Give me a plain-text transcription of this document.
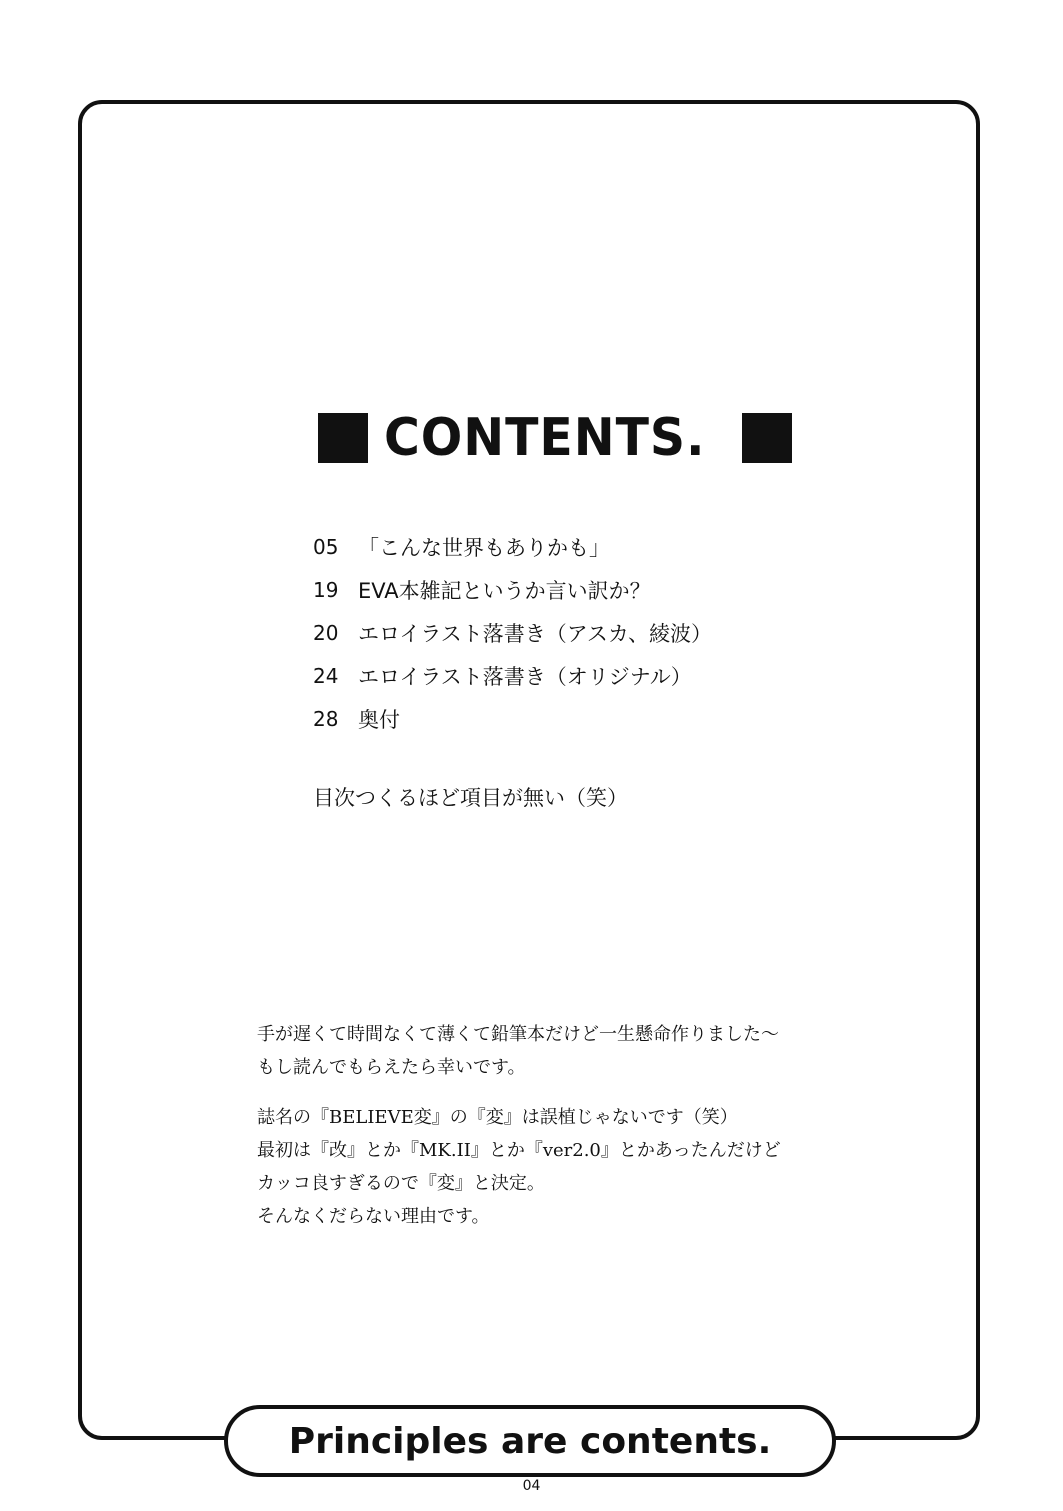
CONTENTS.
05 「こんな世界もありかも」
19 EVA本雑記というか言い訳か？
20 エロイラスト落書き（アスカ、綾波）
24 エロイラスト落書き（オリジナル）
28 奥付
目次つくるほど項目が無い（笑）
手が遅くて時間なくて薄くて鉛筆本だけど一生懸命作りました～
もし読んでもらえたら幸いです。
誌名の『BELIEVE変』の『変』は誤植じゃないです（笑）
最初は『改』とか『MK.II』とか『ver2.0』とかあったんだけど
カッコ良すぎるので『変』と決定。
そんなくだらない理由です。
Principles are contents.
04
